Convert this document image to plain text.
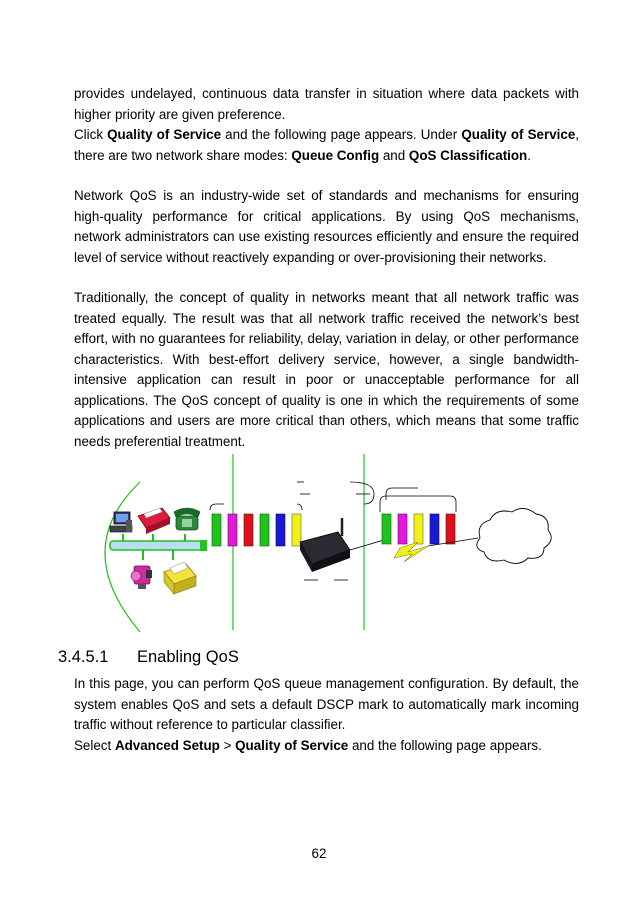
provides undelayed, continuous data transfer in situation where data packets with higher priority are given preference.
Click Quality of Service and the following page appears. Under Quality of Service, there are two network share modes: Queue Config and QoS Classification.
Network QoS is an industry-wide set of standards and mechanisms for ensuring high-quality performance for critical applications. By using QoS mechanisms, network administrators can use existing resources efficiently and ensure the required level of service without reactively expanding or over-provisioning their networks.
Traditionally, the concept of quality in networks meant that all network traffic was treated equally. The result was that all network traffic received the network’s best effort, with no guarantees for reliability, delay, variation in delay, or other performance characteristics. With best-effort delivery service, however, a single bandwidth-intensive application can result in poor or unacceptable performance for all applications. The QoS concept of quality is one in which the requirements of some applications and users are more critical than others, which means that some traffic needs preferential treatment.
3.4.5.1 Enabling QoS
In this page, you can perform QoS queue management configuration. By default, the system enables QoS and sets a default DSCP mark to automatically mark incoming traffic without reference to particular classifier.
Select Advanced Setup > Quality of Service and the following page appears.
62
